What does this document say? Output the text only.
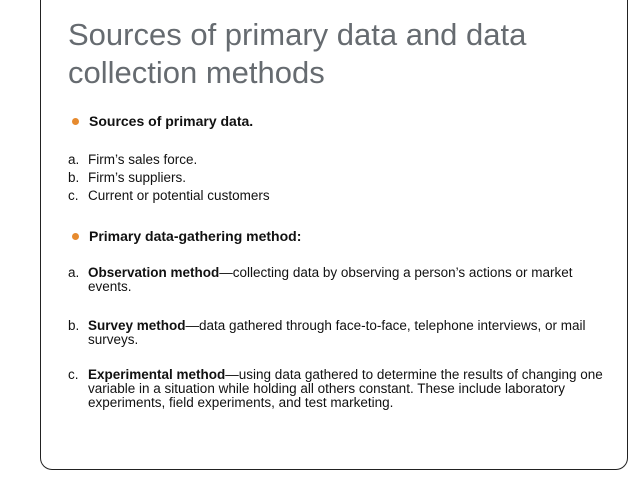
Sources of primary data and data collection methods
Sources of primary data.
a. Firm’s sales force.
b. Firm’s suppliers.
c. Current or potential customers
Primary data-gathering method:
a. Observation method—collecting data by observing a person’s actions or market events.
b. Survey method—data gathered through face-to-face, telephone interviews, or mail surveys.
c. Experimental method—using data gathered to determine the results of changing one variable in a situation while holding all others constant. These include laboratory experiments, field experiments, and test marketing.
